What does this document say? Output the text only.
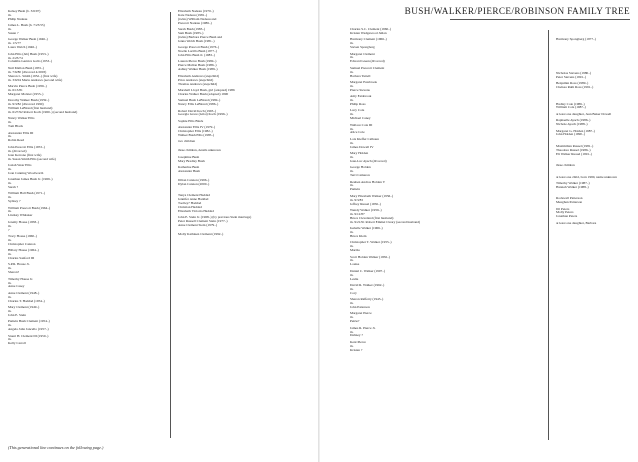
Kelsey Bush (b. 3/6/97)
m.
Philip Nadeau

James L. Bush (b. 7/23/55)
m.
Susan ?

George Walker Bush (1946–)
m. 1/5/77
Laura Welch (1946–)

John Ellis (Jeb) Bush (1953–)
m. 2/23/74
Columba Garnica Gallo (1953–)

Neil Mallon Bush (1955–)
m. 7/6/80 (divorced 4/2003)
Sharon L. Smith (1952–) (first wife)
m. 3/6/04 Maria Andrews (second wife)

Marvin Pierce Bush (1956–)
m. 6/13/81
Margaret Molster (1955–)

Dorothy Walker Bush (1959–)
m. 9/3/82 (divorced 1990)
William LeBlond (first husband)
m. 6/27/92 Robert Koch (1960–) (second husband)

Nancy Walker Ellis
m.
Tom Black

Alexander Ellis III
m.
Robin Reed

John Prescott Ellis (1953–)
m. (divorced)
Jean Kerrone (first wife)
m. Susan Smith Ellis (second wife)

Josiah Wear Ellis
m.
Joan Canning Woodworth

Jonathan James Bush Jr. (1969–)
m.
Sarah ?

William Hall Bush (1971–)
m.
Sydney ?

William Prescott Bush (1964–)
m.
Lindsay Whitaker

Jeremy House (1958–)
m.
?

Tracy House (1960–)
m.
Christopher Cannon

Hillary House (1964–)
m.
Charles Sanford III

S.P.R. House Jr.
m.
Sharon?

Timothy House Jr.
m.
Anne Casey

Anne Clement (1948–)
m.
Charles T. Haddad (1954–)

Mary Clement (1949–)
m.
John E. Stein

Pamela Bush Clement (1954–)
m.
Angela John Jancello (1957–)

Stuart H. Clement III (1950–)
m.
Kelly Carroll
Elizabeth Nadeau (1970–)
Kate Nadeau (1981–)
(twins) William Nadeau and
Prescott Nadeau (1986–)

Sarah Bush (1983–)
Sam Bush (1983–)
(twins) Barbara Pierce Bush and
Jenna Welch Bush (1981–)

George Prescott Bush (1976–)
Noelle Lucilla Bush (1977–)
John Ellis Bush Jr. (1983–)

Lauren Pierce Bush (1984–)
Pierce Mallon Bush (1986–)
Ashley Walker Bush (1989–)

Elizabeth Andrews (stepchild)
Price Andrews (stepchild)
Thomas Andrews (stepchild)

Marshall Lloyd Bush, girl (adopted) 1986
Charles Walker Bush (adopted) 1990

Samuel Bush LeBlond (1984–)
Nancy Ellis LeBlond (1986–)

Robert David Koch (1993–)
Georgia Grace (GiGi) Koch (1996–)

Sophie Ellis Black

Alexander Ellis IV (1979–)
Christopher Ellis (1982–)
Walker Bush Ellis (1985–)

two children

three children, details unknown

Josephine Bush
Mary Bradley Bush

Katherine Bush
Alexander Bush

Jillian Cannon (1996–)
Dylan Cannon (2000–)

Tanya Clement Haddad
Jennifer Anne Haddad
Toolley? Haddad
Christian Haddad
Elizabeth Victoria Haddad

John E. Stein Jr. (1968–) (by previous Stein marriage)
Peter Russell Clement Stein (1977–)
Anne Clement Stein (1979–)

Molly Kathleen Clement (1992–)
(This generational line continues on the following page.)
BUSH/WALKER/PIERCE/ROBINSON FAMILY TREE
Charles S.C. Clement (1960–)
Kristen Wedgewood Julian

Harmony Clement (1966–)
m.
Steven Spongberg

Margaret Clement
m.
Edward Green (divorced)

Samuel Prescott Clement
m.
Barbara Tuttell

Margaret Estabrook
m.
Pierce Stevens

Amy Estabrook
m.
Philip Ross

Lucy Cole
m.
Michael Caney

Wallace Cole III
m.
Alice Cole

Lois Kieffer Calhoun
m.
James Dowell IV

Mary Holden
m.
Jean-Luc Ayach (divorced)

George Holden
m.
Terri Cameron

Reuben Andros Holden V
m.
Pamela

Mary Elizabeth Walker (1956–)
m. 9/3/83
Jeffrey Russel (1956–)

Wendy Walker (1956–)
m. 9/12/87
Bruce Cleveland (first husband)
m. 9/21/91 Robert Emmet Cleary (second husband)

Isabelle Walker (1966–)
m.
Bruce Klein

Christopher T. Walker (1955–)
m.
Martha

Scott Holden Walker (1956–)
m.
Louise

Daniel C. Walker (1907–)
m.
Leslie

David R. Walker (1962–)
m.
Cory

Sharon Rafferty (1943–)
m.
John Patterson

Margaret Pierce
m.
Petrie?

James R. Pierce Jr.
m.
Dabney ?

Kent Pierce
m.
Kristen ?

Harmony Spongberg (1977–)

Nicholas Stevens (1980–)
Peter Stevens (1991–)

Benjamin Ross (1989–)
Chelsea Ruth Ross (1991–)

Hadley Cole (1986–)
William Cole (1987–)

at least one daughter, Jean Baker Dowell

Raphaelle Ayach (1986–)
Nichole Ayach (1988–)

Margaret G. Holden (1987–)
John Holden (1990–)

Maximilian Russel (1981–)
Theodore Russel (1986–)
Eli Walker Russel (1991–)

three children

at least one child, born 1990, name unknown

Timothy Walker (1987–)
Hannah Walker (1988–)

Rockwell Patterson
Meaghan Patterson

Jill Peters
Molly Peters
Jonathan Peters

at least one daughter, Barbara
